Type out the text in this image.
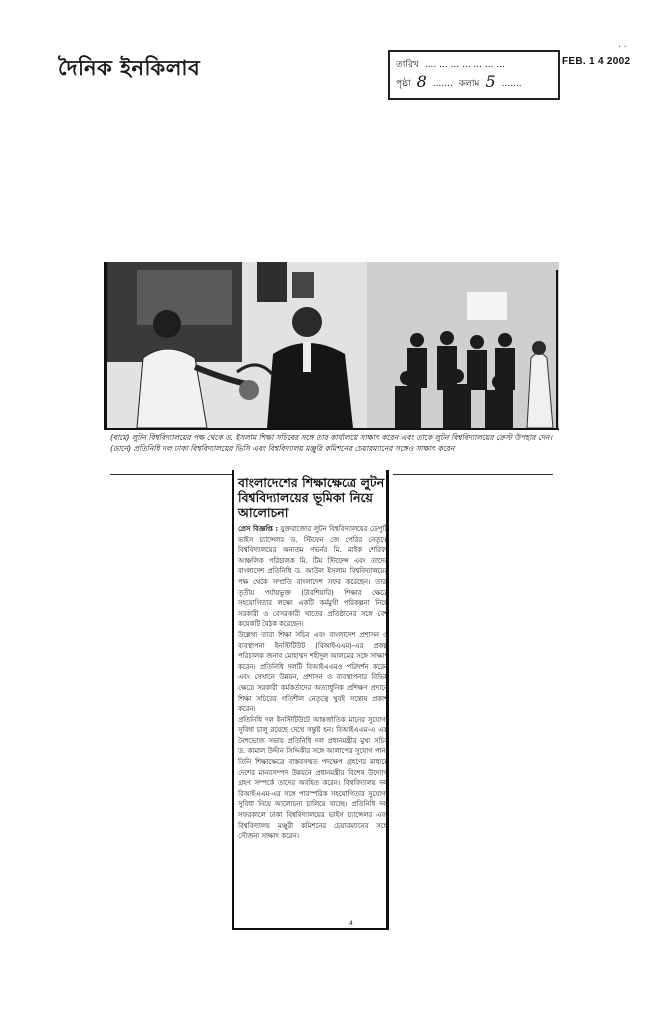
দৈনিক ইনকিলাব	তারিখ .... ... ... ... ... ... ...
পৃষ্ঠা 8 ....... কলাম 5 .......
FEB. 1 4 2002
. .
(বামে) লুটন বিশ্ববিদ্যালয়ের পক্ষ থেকে ড. ইসলাম শিক্ষা সচিবের সঙ্গে তার কার্যালয়ে সাক্ষাৎ করেন এবং তাকে লুটন বিশ্ববিদ্যালয়ের ক্রেস্ট উপহার দেন। (ডানে) প্রতিনিধি দল ঢাকা বিশ্ববিদ্যালয়ের ভিসি এবং বিশ্ববিদ্যালয় মঞ্জুরি কমিশনের চেয়ারম্যানের সঙ্গেও সাক্ষাৎ করেন
বাংলাদেশের শিক্ষাক্ষেত্রে লুটন বিশ্ববিদ্যালয়ের ভূমিকা নিয়ে আলোচনা

প্রেস বিজ্ঞপ্তি : যুক্তরাজ্যের লুটন বিশ্ববিদ্যালয়ের ডেপুটি ভাইস চ্যান্সেলর ড. স্টিফেন জে পেরির নেতৃত্বে বিশ্ববিদ্যালয়ের অন্যতম গভর্নর মি. মাইক শেরিফ, আঞ্চলিক পরিচালক মি. টিম স্টিফেন্স এবং তাদের বাংলাদেশ প্রতিনিধি ড. আউল ইসলাম বিশ্ববিদ্যালয়ের পক্ষ থেকে সম্প্রতি বাংলাদেশ সফর করেছেন। তারা তৃতীয় পর্যায়ভুক্ত (টারশিয়ারি) শিক্ষার ক্ষেত্রে সহযোগিতার লক্ষ্যে একটি কর্মমুখী পরিকল্পনা নিয়ে সরকারী ও বেসরকারী খাতের প্রতিষ্ঠানের সঙ্গে বেশ কয়েকটি বৈঠক করেছেন।

উল্লেখ্য তারা শিক্ষা সচিব এবং বাংলাদেশ প্রশাসন ও ব্যবস্থাপনা ইনস্টিটিউট (বিআইএএম)-এর প্রকল্প পরিচালক জনাব মোহাম্মদ শহীদুল আলমের সঙ্গে সাক্ষাৎ করেন। প্রতিনিধি দলটি বিআইএএমও পরিদর্শন করেন এবং সেখানে উন্নয়ন, প্রশাসন ও ব্যবস্থাপনার বিভিন্ন ক্ষেত্রে সরকারী কর্মকর্তাদের অত্যাধুনিক প্রশিক্ষণ প্রদানে শিক্ষা সচিবের গতিশীল নেতৃত্বে খুবই সন্তোষ প্রকাশ করেন।

প্রতিনিধি দল ইনস্টিটিউটে আন্তর্জাতিক মানের সুযোগ-সুবিধা চালু রয়েছে দেখে সন্তুষ্ট হন। বিআইএএম-এ এক নৈশভোজ সভায় প্রতিনিধি দল প্রধানমন্ত্রীর মুখ্য সচিব ড. কামাল উদ্দীন সিদ্দিকীর সঙ্গে আলাপের সুযোগ পান। তিনি শিক্ষাক্ষেত্রে বাস্তবসম্মত পদক্ষেপ গ্রহণের মাধ্যমে দেশের মানবসম্পদ উন্নয়নে প্রধানমন্ত্রীর বিশেষ উদ্যোগ গ্রহণ সম্পর্কে তাদের অবহিত করেন। বিশ্ববিদ্যালয় দল বিআইএএম-এর সঙ্গে পারস্পরিক সহযোগিতার সুযোগ-সুবিধা নিয়ে আলোচনা চালিয়ে যাচ্ছে। প্রতিনিধি দল সফরকালে ঢাকা বিশ্ববিদ্যালয়ের ভাইস চ্যান্সেলর এবং বিশ্ববিদ্যালয় মঞ্জুরী কমিশনের চেয়ারম্যানের সঙ্গে সৌজন্য সাক্ষাৎ করেন।

4
